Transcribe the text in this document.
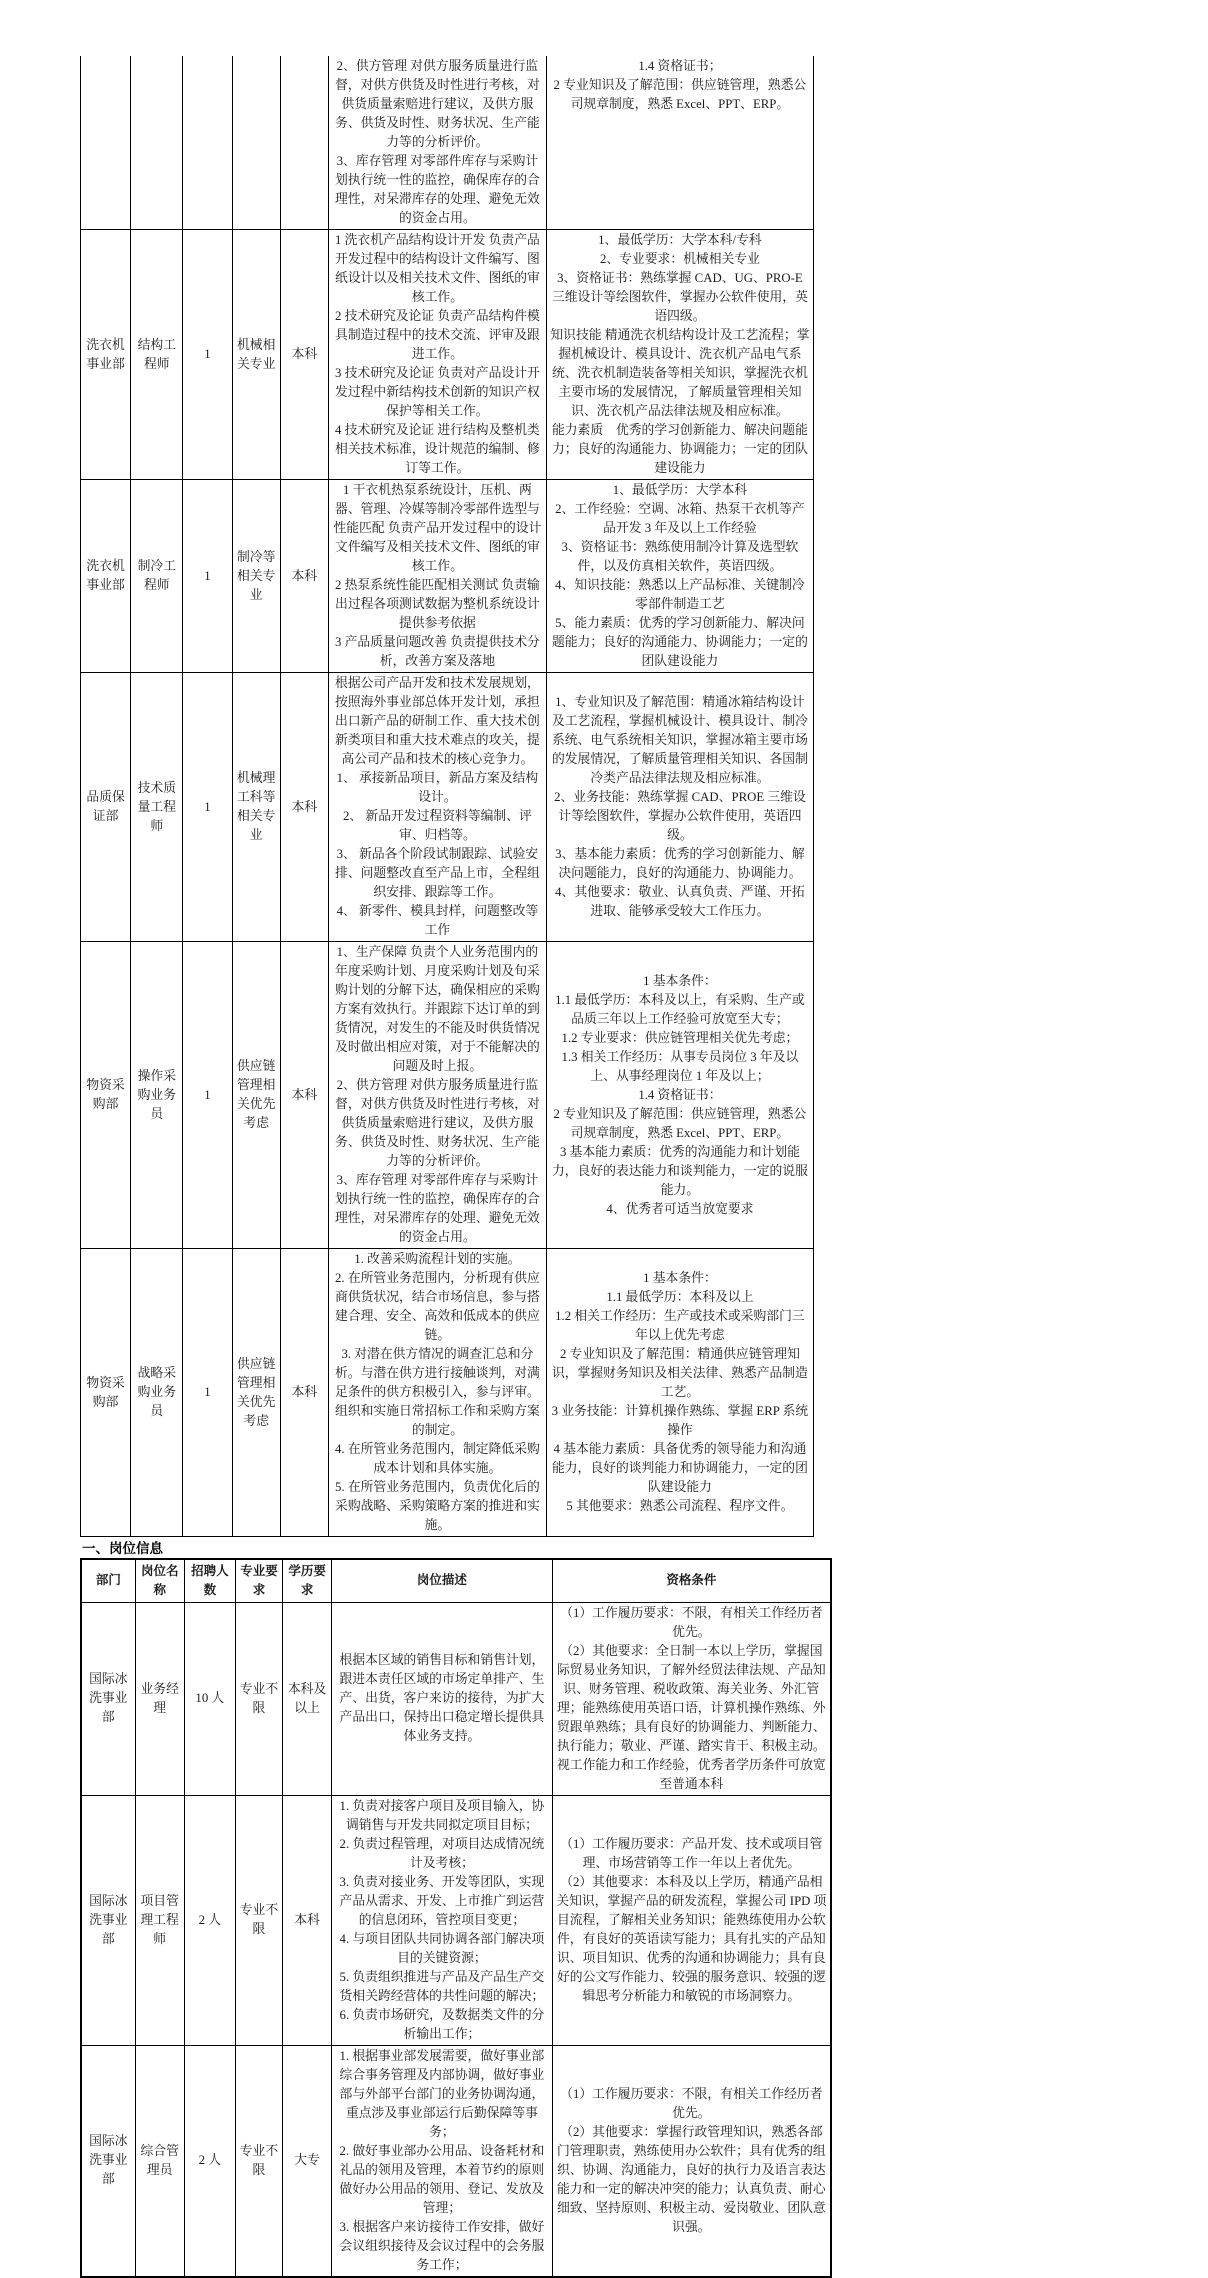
2、供方管理 对供方服务质量进行监督，对供方供货及时性进行考核，对供货质量索赔进行建议，及供方服务、供货及时性、财务状况、生产能力等的分析评价。
3、库存管理 对零部件库存与采购计划执行统一性的监控，确保库存的合理性，对呆滞库存的处理、避免无效的资金占用。

1.4 资格证书；
2 专业知识及了解范围：供应链管理，熟悉公司规章制度，熟悉 Excel、PPT、ERP。

洗衣机事业部	结构工程师	1	机械相关专业	本科	
1 洗衣机产品结构设计开发 负责产品开发过程中的结构设计文件编写、图纸设计以及相关技术文件、图纸的审核工作。
2 技术研究及论证 负责产品结构件模具制造过程中的技术交流、评审及跟进工作。
3 技术研究及论证 负责对产品设计开发过程中新结构技术创新的知识产权保护等相关工作。
4 技术研究及论证 进行结构及整机类相关技术标准，设计规范的编制、修订等工作。

1、最低学历：大学本科/专科
2、专业要求：机械相关专业
3、资格证书：熟练掌握 CAD、UG、PRO-E 三维设计等绘图软件，掌握办公软件使用，英语四级。
知识技能 精通洗衣机结构设计及工艺流程；掌握机械设计、模具设计、洗衣机产品电气系统、洗衣机制造装备等相关知识，掌握洗衣机主要市场的发展情况，了解质量管理相关知识、洗衣机产品法律法规及相应标准。
能力素质　优秀的学习创新能力、解决问题能力；良好的沟通能力、协调能力；一定的团队建设能力

洗衣机事业部	制冷工程师	1	制冷等相关专业	本科	
1 干衣机热泵系统设计，压机、两器、管理、冷媒等制冷零部件选型与性能匹配 负责产品开发过程中的设计文件编写及相关技术文件、图纸的审核工作。
2 热泵系统性能匹配相关测试 负责输出过程各项测试数据为整机系统设计提供参考依据
3 产品质量问题改善 负责提供技术分析，改善方案及落地

1、最低学历：大学本科
2、工作经验：空调、冰箱、热泵干衣机等产品开发 3 年及以上工作经验
3、资格证书：熟练使用制冷计算及选型软件，以及仿真相关软件，英语四级。
4、知识技能：熟悉以上产品标准、关键制冷零部件制造工艺
5、能力素质：优秀的学习创新能力、解决问题能力；良好的沟通能力、协调能力；一定的团队建设能力

品质保证部	技术质量工程师	1	机械理工科等相关专业	本科	
根据公司产品开发和技术发展规划，按照海外事业部总体开发计划，承担出口新产品的研制工作、重大技术创新类项目和重大技术难点的攻关，提高公司产品和技术的核心竞争力。1、 承接新品项目，新品方案及结构设计。
2、 新品开发过程资料等编制、评审、归档等。
3、 新品各个阶段试制跟踪、试验安排、问题整改直至产品上市，全程组织安排、跟踪等工作。
4、 新零件、模具封样，问题整改等工作

1、专业知识及了解范围：精通冰箱结构设计及工艺流程，掌握机械设计、模具设计、制冷系统、电气系统相关知识，掌握冰箱主要市场的发展情况，了解质量管理相关知识、各国制冷类产品法律法规及相应标准。
2、业务技能：熟练掌握 CAD、PROE 三维设计等绘图软件，掌握办公软件使用，英语四级。
3、基本能力素质：优秀的学习创新能力、解决问题能力，良好的沟通能力、协调能力。
4、其他要求：敬业、认真负责、严谨、开拓进取、能够承受较大工作压力。

物资采购部	操作采购业务员	1	供应链管理相关优先考虑	本科	
1、生产保障 负责个人业务范围内的年度采购计划、月度采购计划及旬采购计划的分解下达，确保相应的采购方案有效执行。并跟踪下达订单的到货情况，对发生的不能及时供货情况及时做出相应对策，对于不能解决的问题及时上报。
2、供方管理 对供方服务质量进行监督，对供方供货及时性进行考核，对供货质量索赔进行建议，及供方服务、供货及时性、财务状况、生产能力等的分析评价。
3、库存管理 对零部件库存与采购计划执行统一性的监控，确保库存的合理性，对呆滞库存的处理、避免无效的资金占用。

1 基本条件：
1.1 最低学历：本科及以上，有采购、生产或品质三年以上工作经验可放宽至大专；
1.2 专业要求：供应链管理相关优先考虑；
1.3 相关工作经历：从事专员岗位 3 年及以上、从事经理岗位 1 年及以上；
1.4 资格证书：
2 专业知识及了解范围：供应链管理，熟悉公司规章制度，熟悉 Excel、PPT、ERP。
3 基本能力素质：优秀的沟通能力和计划能力，良好的表达能力和谈判能力，一定的说服能力。
4、优秀者可适当放宽要求

物资采购部	战略采购业务员	1	供应链管理相关优先考虑	本科	
1. 改善采购流程计划的实施。
2. 在所管业务范围内，分析现有供应商供货状况，结合市场信息，参与搭建合理、安全、高效和低成本的供应链。
3. 对潜在供方情况的调查汇总和分析。与潜在供方进行接触谈判，对满足条件的供方积极引入，参与评审。组织和实施日常招标工作和采购方案的制定。
4. 在所管业务范围内，制定降低采购成本计划和具体实施。
5. 在所管业务范围内，负责优化后的采购战略、采购策略方案的推进和实施。

1 基本条件：
1.1 最低学历：本科及以上
1.2 相关工作经历：生产或技术或采购部门三年以上优先考虑
2 专业知识及了解范围：精通供应链管理知识，掌握财务知识及相关法律、熟悉产品制造工艺。
3 业务技能：计算机操作熟练、掌握 ERP 系统操作
4 基本能力素质：具备优秀的领导能力和沟通能力，良好的谈判能力和协调能力，一定的团队建设能力
5 其他要求：熟悉公司流程、程序文件。
一、岗位信息
部门	岗位名称	招聘人数	专业要求	学历要求	岗位描述	资格条件
国际冰洗事业部	业务经理	10 人	专业不限	本科及以上	根据本区域的销售目标和销售计划，跟进本责任区域的市场定单排产、生产、出货，客户来访的接待，为扩大产品出口，保持出口稳定增长提供具体业务支持。	（1）工作履历要求：不限，有相关工作经历者优先。
（2）其他要求：全日制一本以上学历，掌握国际贸易业务知识，了解外经贸法律法规、产品知识、财务管理、税收政策、海关业务、外汇管理；能熟练使用英语口语，计算机操作熟练、外贸跟单熟练；具有良好的协调能力、判断能力、执行能力；敬业、严谨、踏实肯干、积极主动。视工作能力和工作经验，优秀者学历条件可放宽至普通本科

国际冰洗事业部	项目管理工程师	2 人	专业不限	本科	
1. 负责对接客户项目及项目输入，协调销售与开发共同拟定项目目标；
2. 负责过程管理，对项目达成情况统计及考核；
3. 负责对接业务、开发等团队，实现产品从需求、开发、上市推广到运营的信息闭环，管控项目变更；
4. 与项目团队共同协调各部门解决项目的关键资源；
5. 负责组织推进与产品及产品生产交货相关跨经营体的共性问题的解决；
6. 负责市场研究，及数据类文件的分析输出工作；

（1）工作履历要求：产品开发、技术或项目管理、市场营销等工作一年以上者优先。
（2）其他要求：本科及以上学历，精通产品相关知识，掌握产品的研发流程，掌握公司 IPD 项目流程，了解相关业务知识；能熟练使用办公软件，有良好的英语读写能力；具有扎实的产品知识、项目知识、优秀的沟通和协调能力；具有良好的公文写作能力、较强的服务意识、较强的逻辑思考分析能力和敏锐的市场洞察力。

国际冰洗事业部	综合管理员	2 人	专业不限	大专	
1. 根据事业部发展需要，做好事业部综合事务管理及内部协调，做好事业部与外部平台部门的业务协调沟通，重点涉及事业部运行后勤保障等事务；
2. 做好事业部办公用品、设备耗材和礼品的领用及管理，本着节约的原则做好办公用品的领用、登记、发放及管理；
3. 根据客户来访接待工作安排，做好会议组织接待及会议过程中的会务服务工作；

（1）工作履历要求：不限，有相关工作经历者优先。
（2）其他要求：掌握行政管理知识，熟悉各部门管理职责，熟练使用办公软件；具有优秀的组织、协调、沟通能力，良好的执行力及语言表达能力和一定的解决冲突的能力；认真负责、耐心细致、坚持原则、积极主动、爱岗敬业、团队意识强。
